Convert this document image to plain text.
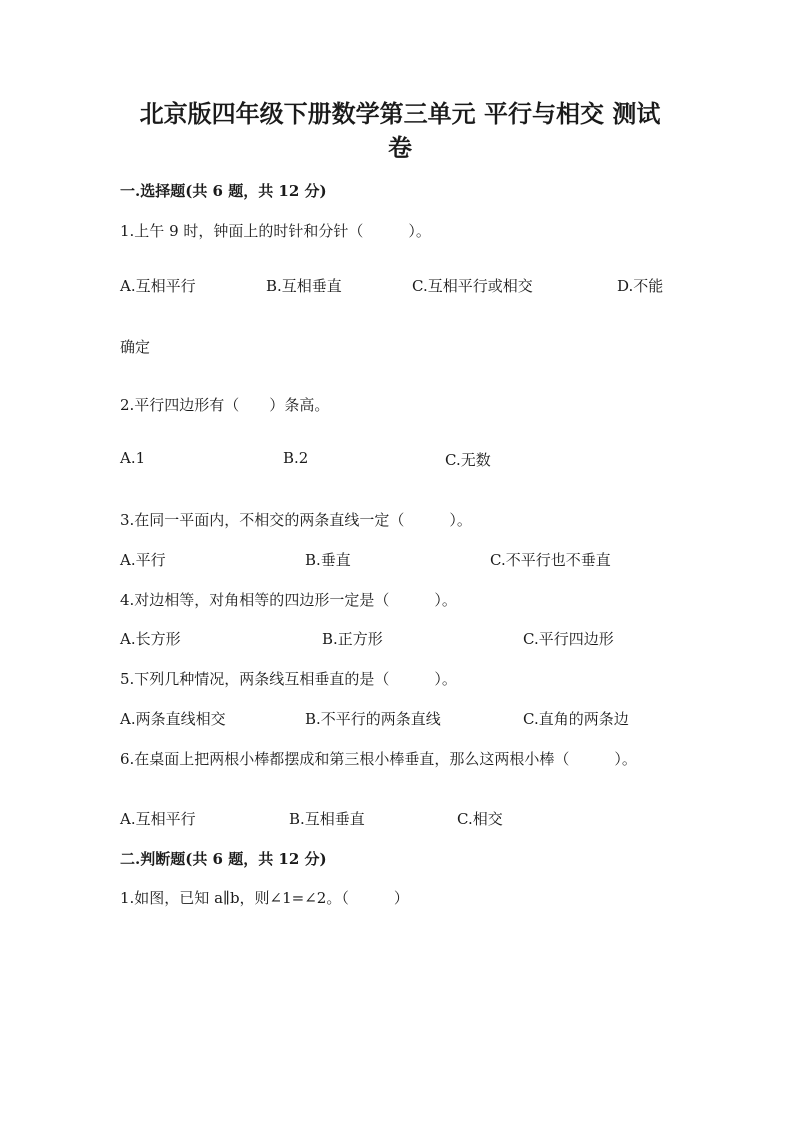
北京版四年级下册数学第三单元 平行与相交 测试
卷
一.选择题(共 6 题，共 12 分)
1.上午 9 时，钟面上的时针和分针（　　　）。
A.互相平行	B.互相垂直	C.互相平行或相交	D.不能
确定
2.平行四边形有（　　）条高。
A.1	B.2	C.无数
3.在同一平面内，不相交的两条直线一定（　　　）。
A.平行	B.垂直	C.不平行也不垂直
4.对边相等，对角相等的四边形一定是（　　　）。
A.长方形	B.正方形	C.平行四边形
5.下列几种情况，两条线互相垂直的是（　　　）。
A.两条直线相交	B.不平行的两条直线	C.直角的两条边
6.在桌面上把两根小棒都摆成和第三根小棒垂直，那么这两根小棒（　　　）。
A.互相平行	B.互相垂直	C.相交
二.判断题(共 6 题，共 12 分)
1.如图，已知 a∥b，则∠1=∠2。（　　　）
